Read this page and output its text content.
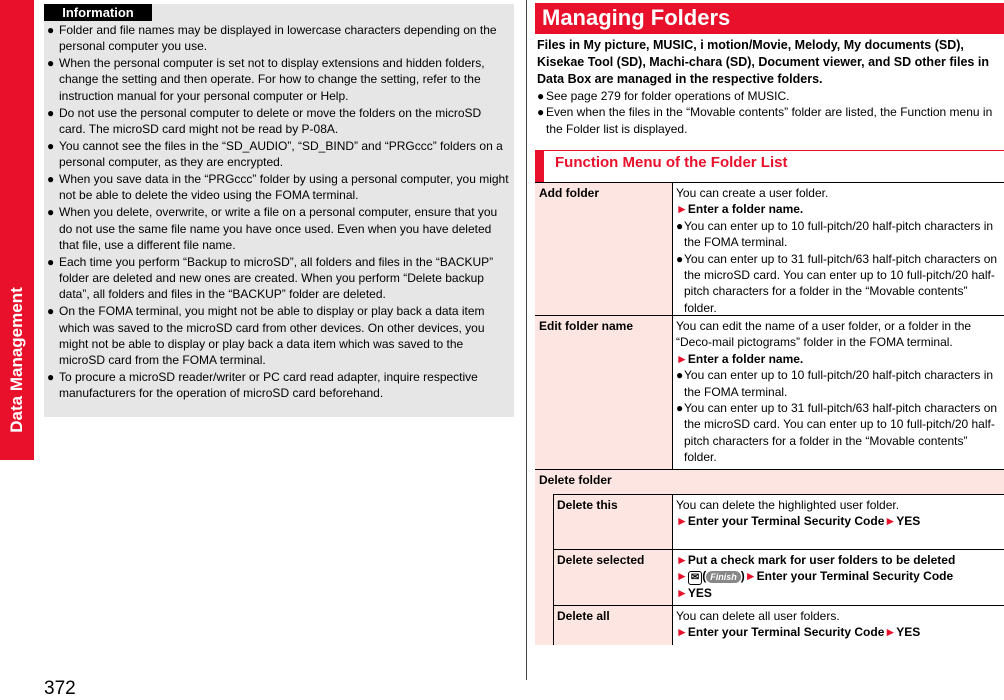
Data Management
372
Information
● Folder and file names may be displayed in lowercase characters depending on the personal computer you use.
● When the personal computer is set not to display extensions and hidden folders, change the setting and then operate. For how to change the setting, refer to the instruction manual for your personal computer or Help.
● Do not use the personal computer to delete or move the folders on the microSD card. The microSD card might not be read by P-08A.
● You cannot see the files in the “SD_AUDIO”, “SD_BIND” and “PRGccc” folders on a personal computer, as they are encrypted.
● When you save data in the “PRGccc” folder by using a personal computer, you might not be able to delete the video using the FOMA terminal.
● When you delete, overwrite, or write a file on a personal computer, ensure that you do not use the same file name you have once used. Even when you have deleted that file, use a different file name.
● Each time you perform “Backup to microSD”, all folders and files in the “BACKUP” folder are deleted and new ones are created. When you perform “Delete backup data”, all folders and files in the “BACKUP” folder are deleted.
● On the FOMA terminal, you might not be able to display or play back a data item which was saved to the microSD card from other devices. On other devices, you might not be able to display or play back a data item which was saved to the microSD card from the FOMA terminal.
● To procure a microSD reader/writer or PC card read adapter, inquire respective manufacturers for the operation of microSD card beforehand.
Managing Folders
Files in My picture, MUSIC, i motion/Movie, Melody, My documents (SD), Kisekae Tool (SD), Machi-chara (SD), Document viewer, and SD other files in Data Box are managed in the respective folders.
● See page 279 for folder operations of MUSIC.
● Even when the files in the “Movable contents” folder are listed, the Function menu in the Folder list is displayed.
Function Menu of the Folder List
Add folder	You can create a user folder.
►Enter a folder name.
● You can enter up to 10 full-pitch/20 half-pitch characters in the FOMA terminal.
● You can enter up to 31 full-pitch/63 half-pitch characters on the microSD card. You can enter up to 10 full-pitch/20 half-pitch characters for a folder in the “Movable contents” folder.
Edit folder name	You can edit the name of a user folder, or a folder in the “Deco-mail pictograms” folder in the FOMA terminal.
►Enter a folder name.
● You can enter up to 10 full-pitch/20 half-pitch characters in the FOMA terminal.
● You can enter up to 31 full-pitch/63 half-pitch characters on the microSD card. You can enter up to 10 full-pitch/20 half-pitch characters for a folder in the “Movable contents” folder.
Delete folder
Delete this	You can delete the highlighted user folder.
►Enter your Terminal Security Code►YES
Delete selected	►Put a check mark for user folders to be deleted
► ✉ ( Finish )►Enter your Terminal Security Code
►YES
Delete all	You can delete all user folders.
►Enter your Terminal Security Code►YES
